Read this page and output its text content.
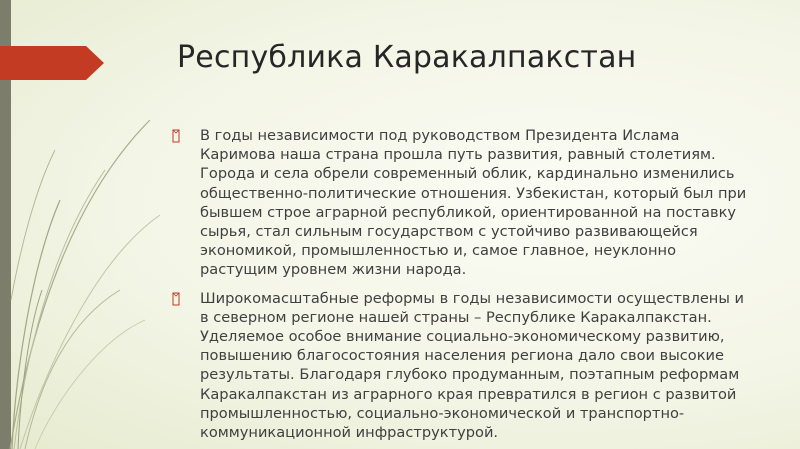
Республика Каракалпакстан

В годы независимости под руководством Президента Ислама Каримова наша страна прошла путь развития, равный столетиям. Города и села обрели современный облик, кардинально изменились общественно-политические отношения. Узбекистан, который был при бывшем строе аграрной республикой, ориентированной на поставку сырья, стал сильным государством с устойчиво развивающейся экономикой, промышленностью и, самое главное, неуклонно растущим уровнем жизни народа.

Широкомасштабные реформы в годы независимости осуществлены и в северном регионе нашей страны – Республике Каракалпакстан. Уделяемое особое внимание социально-экономическому развитию, повышению благосостояния населения региона дало свои высокие результаты. Благодаря глубоко продуманным, поэтапным реформам Каракалпакстан из аграрного края превратился в регион с развитой промышленностью, социально-экономической и транспортно-коммуникационной инфраструктурой.
